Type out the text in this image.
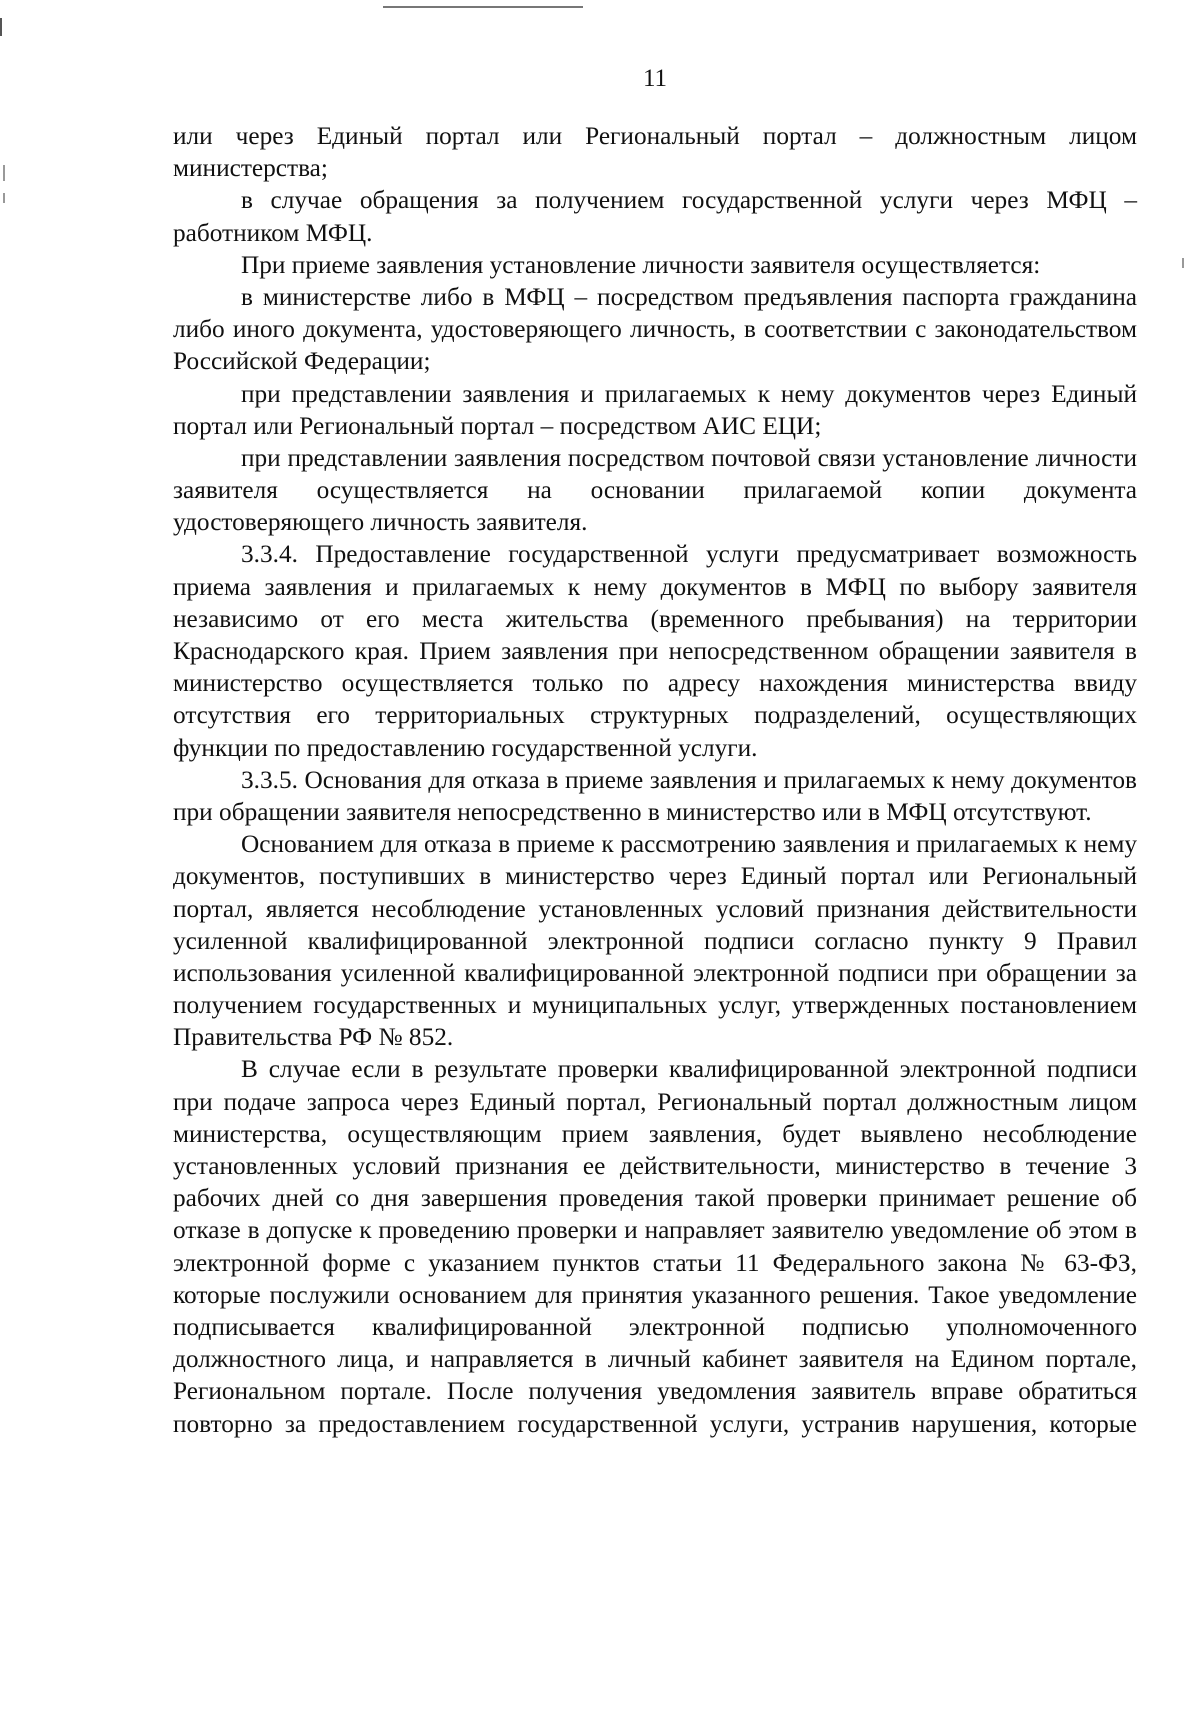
11

или через Единый портал или Региональный портал – должностным лицом министерства;

в случае обращения за получением государственной услуги через МФЦ – работником МФЦ.

При приеме заявления установление личности заявителя осуществляется:

в министерстве либо в МФЦ – посредством предъявления паспорта гражданина либо иного документа, удостоверяющего личность, в соответствии с законодательством Российской Федерации;

при представлении заявления и прилагаемых к нему документов через Единый портал или Региональный портал – посредством АИС ЕЦИ;

при представлении заявления посредством почтовой связи установление личности заявителя осуществляется на основании прилагаемой копии документа удостоверяющего личность заявителя.

3.3.4. Предоставление государственной услуги предусматривает возможность приема заявления и прилагаемых к нему документов в МФЦ по выбору заявителя независимо от его места жительства (временного пребывания) на территории Краснодарского края. Прием заявления при непосредственном обращении заявителя в министерство осуществляется только по адресу нахождения министерства ввиду отсутствия его территориальных структурных подразделений, осуществляющих функции по предоставлению государственной услуги.

3.3.5. Основания для отказа в приеме заявления и прилагаемых к нему документов при обращении заявителя непосредственно в министерство или в МФЦ отсутствуют.

Основанием для отказа в приеме к рассмотрению заявления и прилагаемых к нему документов, поступивших в министерство через Единый портал или Региональный портал, является несоблюдение установленных условий признания действительности усиленной квалифицированной электронной подписи согласно пункту 9 Правил использования усиленной квалифицированной электронной подписи при обращении за получением государственных и муниципальных услуг, утвержденных постановлением Правительства РФ № 852.

В случае если в результате проверки квалифицированной электронной подписи при подаче запроса через Единый портал, Региональный портал должностным лицом министерства, осуществляющим прием заявления, будет выявлено несоблюдение установленных условий признания ее действительности, министерство в течение 3 рабочих дней со дня завершения проведения такой проверки принимает решение об отказе в допуске к проведению проверки и направляет заявителю уведомление об этом в электронной форме с указанием пунктов статьи 11 Федерального закона № 63-ФЗ, которые послужили основанием для принятия указанного решения. Такое уведомление подписывается квалифицированной электронной подписью уполномоченного должностного лица, и направляется в личный кабинет заявителя на Едином портале, Региональном портале. После получения уведомления заявитель вправе обратиться повторно за предоставлением государственной услуги, устранив нарушения, которые
